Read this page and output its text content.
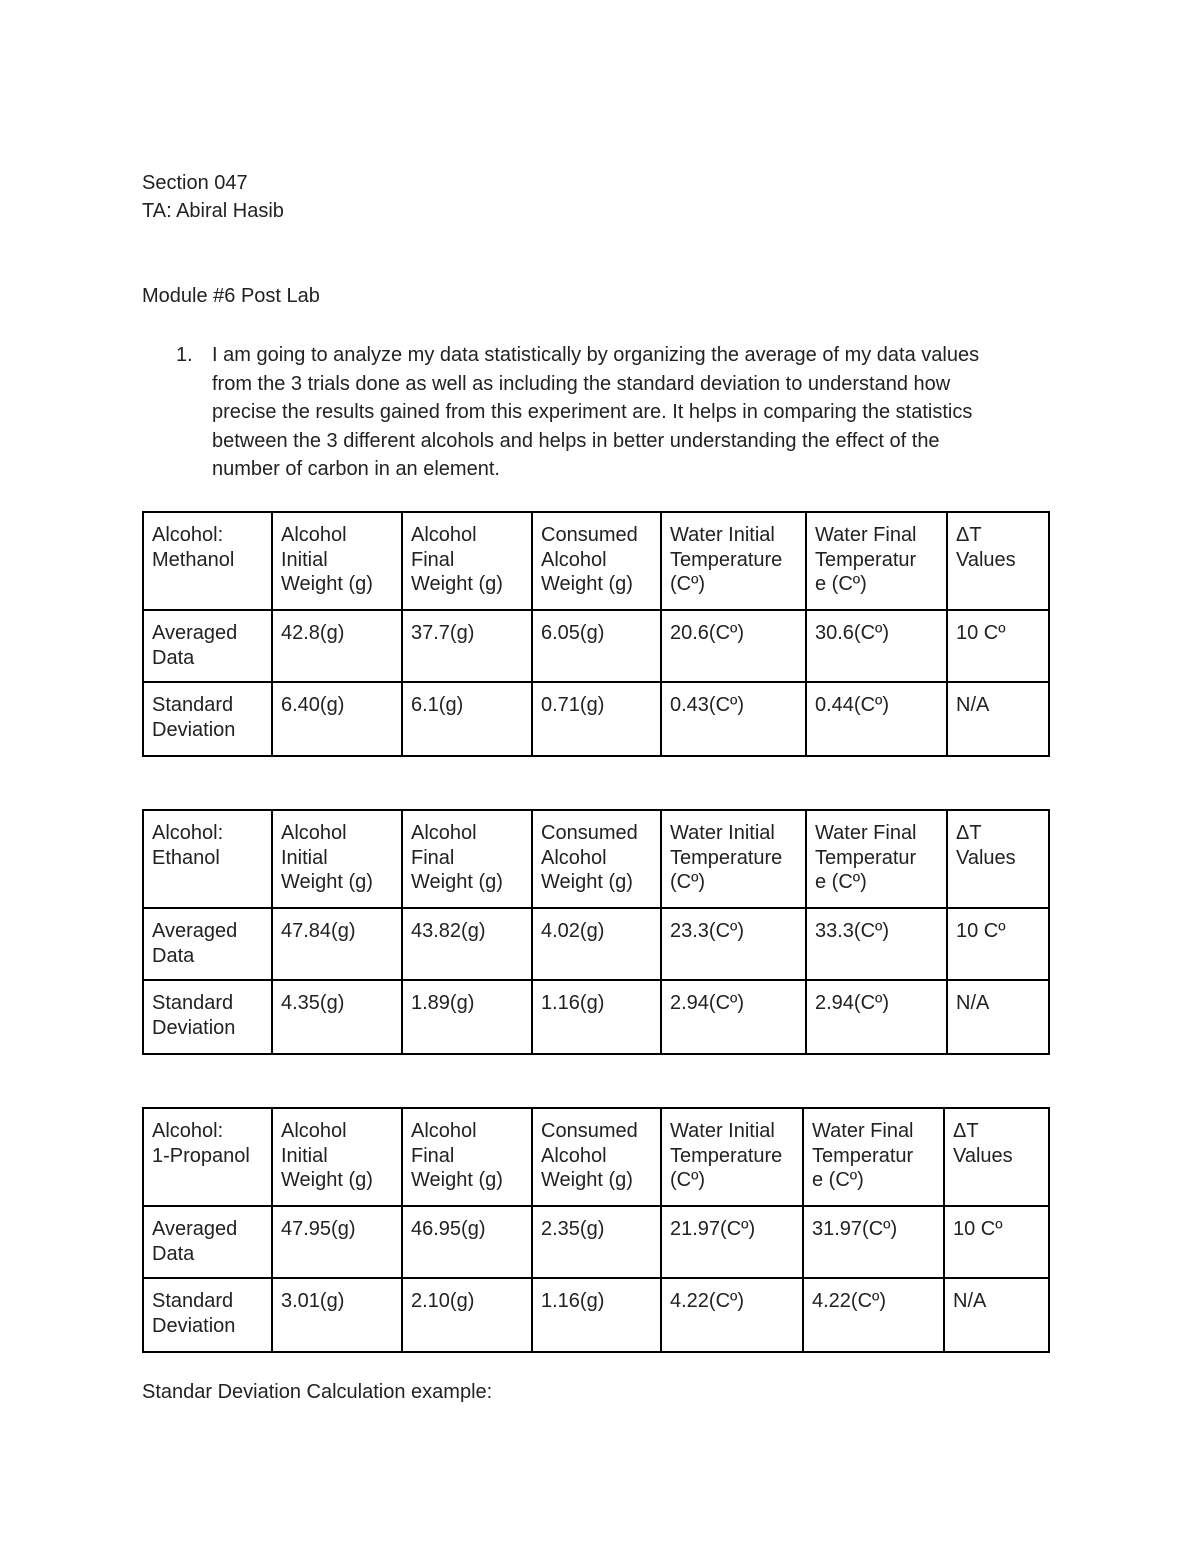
Section 047
TA: Abiral Hasib
Module #6 Post Lab
1. I am going to analyze my data statistically by organizing the average of my data values
from the 3 trials done as well as including the standard deviation to understand how
precise the results gained from this experiment are. It helps in comparing the statistics
between the 3 different alcohols and helps in better understanding the effect of the
number of carbon in an element.
Alcohol:
Methanol	Alcohol
Initial
Weight (g)	Alcohol
Final
Weight (g)	Consumed
Alcohol
Weight (g)	Water Initial
Temperature
(Cº)	Water Final
Temperatur
e (Cº)	ΔT
Values

Averaged
Data	42.8(g)	37.7(g)	6.05(g)	20.6(Cº)	30.6(Cº)	10 Cº

Standard
Deviation	6.40(g)	6.1(g)	0.71(g)	0.43(Cº)	0.44(Cº)	N/A
Alcohol:
Ethanol	Alcohol
Initial
Weight (g)	Alcohol
Final
Weight (g)	Consumed
Alcohol
Weight (g)	Water Initial
Temperature
(Cº)	Water Final
Temperatur
e (Cº)	ΔT
Values

Averaged
Data	47.84(g)	43.82(g)	4.02(g)	23.3(Cº)	33.3(Cº)	10 Cº

Standard
Deviation	4.35(g)	1.89(g)	1.16(g)	2.94(Cº)	2.94(Cº)	N/A
Alcohol:
1-Propanol	Alcohol
Initial
Weight (g)	Alcohol
Final
Weight (g)	Consumed
Alcohol
Weight (g)	Water Initial
Temperature
(Cº)	Water Final
Temperatur
e (Cº)	ΔT
Values

Averaged
Data	47.95(g)	46.95(g)	2.35(g)	21.97(Cº)	31.97(Cº)	10 Cº

Standard
Deviation	3.01(g)	2.10(g)	1.16(g)	4.22(Cº)	4.22(Cº)	N/A
Standar Deviation Calculation example:
